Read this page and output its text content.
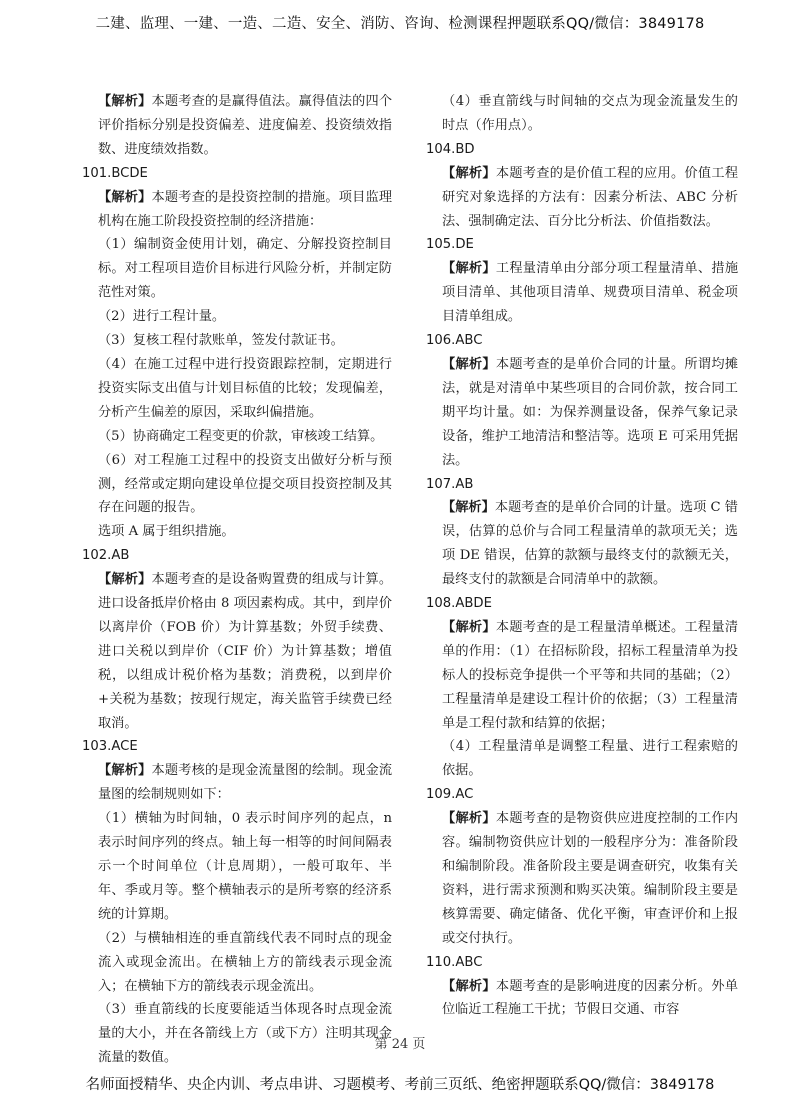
二建、监理、一建、一造、二造、安全、消防、咨询、检测课程押题联系QQ/微信：3849178

【解析】本题考查的是赢得值法。赢得值法的四个评价指标分别是投资偏差、进度偏差、投资绩效指数、进度绩效指数。

101.BCDE

【解析】本题考查的是投资控制的措施。项目监理机构在施工阶段投资控制的经济措施：

（1）编制资金使用计划，确定、分解投资控制目标。对工程项目造价目标进行风险分析，并制定防范性对策。

（2）进行工程计量。

（3）复核工程付款账单，签发付款证书。

（4）在施工过程中进行投资跟踪控制，定期进行投资实际支出值与计划目标值的比较；发现偏差，分析产生偏差的原因，采取纠偏措施。

（5）协商确定工程变更的价款，审核竣工结算。

（6）对工程施工过程中的投资支出做好分析与预测，经常或定期向建设单位提交项目投资控制及其存在问题的报告。

选项 A 属于组织措施。

102.AB

【解析】本题考查的是设备购置费的组成与计算。进口设备抵岸价格由 8 项因素构成。其中，到岸价以离岸价（FOB 价）为计算基数；外贸手续费、进口关税以到岸价（CIF 价）为计算基数；增值税，以组成计税价格为基数；消费税，以到岸价+关税为基数；按现行规定，海关监管手续费已经取消。

103.ACE

【解析】本题考核的是现金流量图的绘制。现金流量图的绘制规则如下：

（1）横轴为时间轴，0 表示时间序列的起点，n 表示时间序列的终点。轴上每一相等的时间间隔表示一个时间单位（计息周期），一般可取年、半年、季或月等。整个横轴表示的是所考察的经济系统的计算期。

（2）与横轴相连的垂直箭线代表不同时点的现金流入或现金流出。在横轴上方的箭线表示现金流入；在横轴下方的箭线表示现金流出。

（3）垂直箭线的长度要能适当体现各时点现金流量的大小，并在各箭线上方（或下方）注明其现金流量的数值。

（4）垂直箭线与时间轴的交点为现金流量发生的时点（作用点）。

104.BD

【解析】本题考查的是价值工程的应用。价值工程研究对象选择的方法有：因素分析法、ABC 分析法、强制确定法、百分比分析法、价值指数法。

105.DE

【解析】工程量清单由分部分项工程量清单、措施项目清单、其他项目清单、规费项目清单、税金项目清单组成。

106.ABC

【解析】本题考查的是单价合同的计量。所谓均摊法，就是对清单中某些项目的合同价款，按合同工期平均计量。如：为保养测量设备，保养气象记录设备，维护工地清洁和整洁等。选项 E 可采用凭据法。

107.AB

【解析】本题考查的是单价合同的计量。选项 C 错误，估算的总价与合同工程量清单的款项无关；选项 DE 错误，估算的款额与最终支付的款额无关，最终支付的款额是合同清单中的款额。

108.ABDE

【解析】本题考查的是工程量清单概述。工程量清单的作用：（1）在招标阶段，招标工程量清单为投标人的投标竞争提供一个平等和共同的基础；（2）工程量清单是建设工程计价的依据；（3）工程量清单是工程付款和结算的依据；

（4）工程量清单是调整工程量、进行工程索赔的依据。

109.AC

【解析】本题考查的是物资供应进度控制的工作内容。编制物资供应计划的一般程序分为：准备阶段和编制阶段。准备阶段主要是调查研究，收集有关资料，进行需求预测和购买决策。编制阶段主要是核算需要、确定储备、优化平衡，审查评价和上报或交付执行。

110.ABC

【解析】本题考查的是影响进度的因素分析。外单位临近工程施工干扰；节假日交通、市容

第 24 页
名师面授精华、央企内训、考点串讲、习题模考、考前三页纸、绝密押题联系QQ/微信：3849178
